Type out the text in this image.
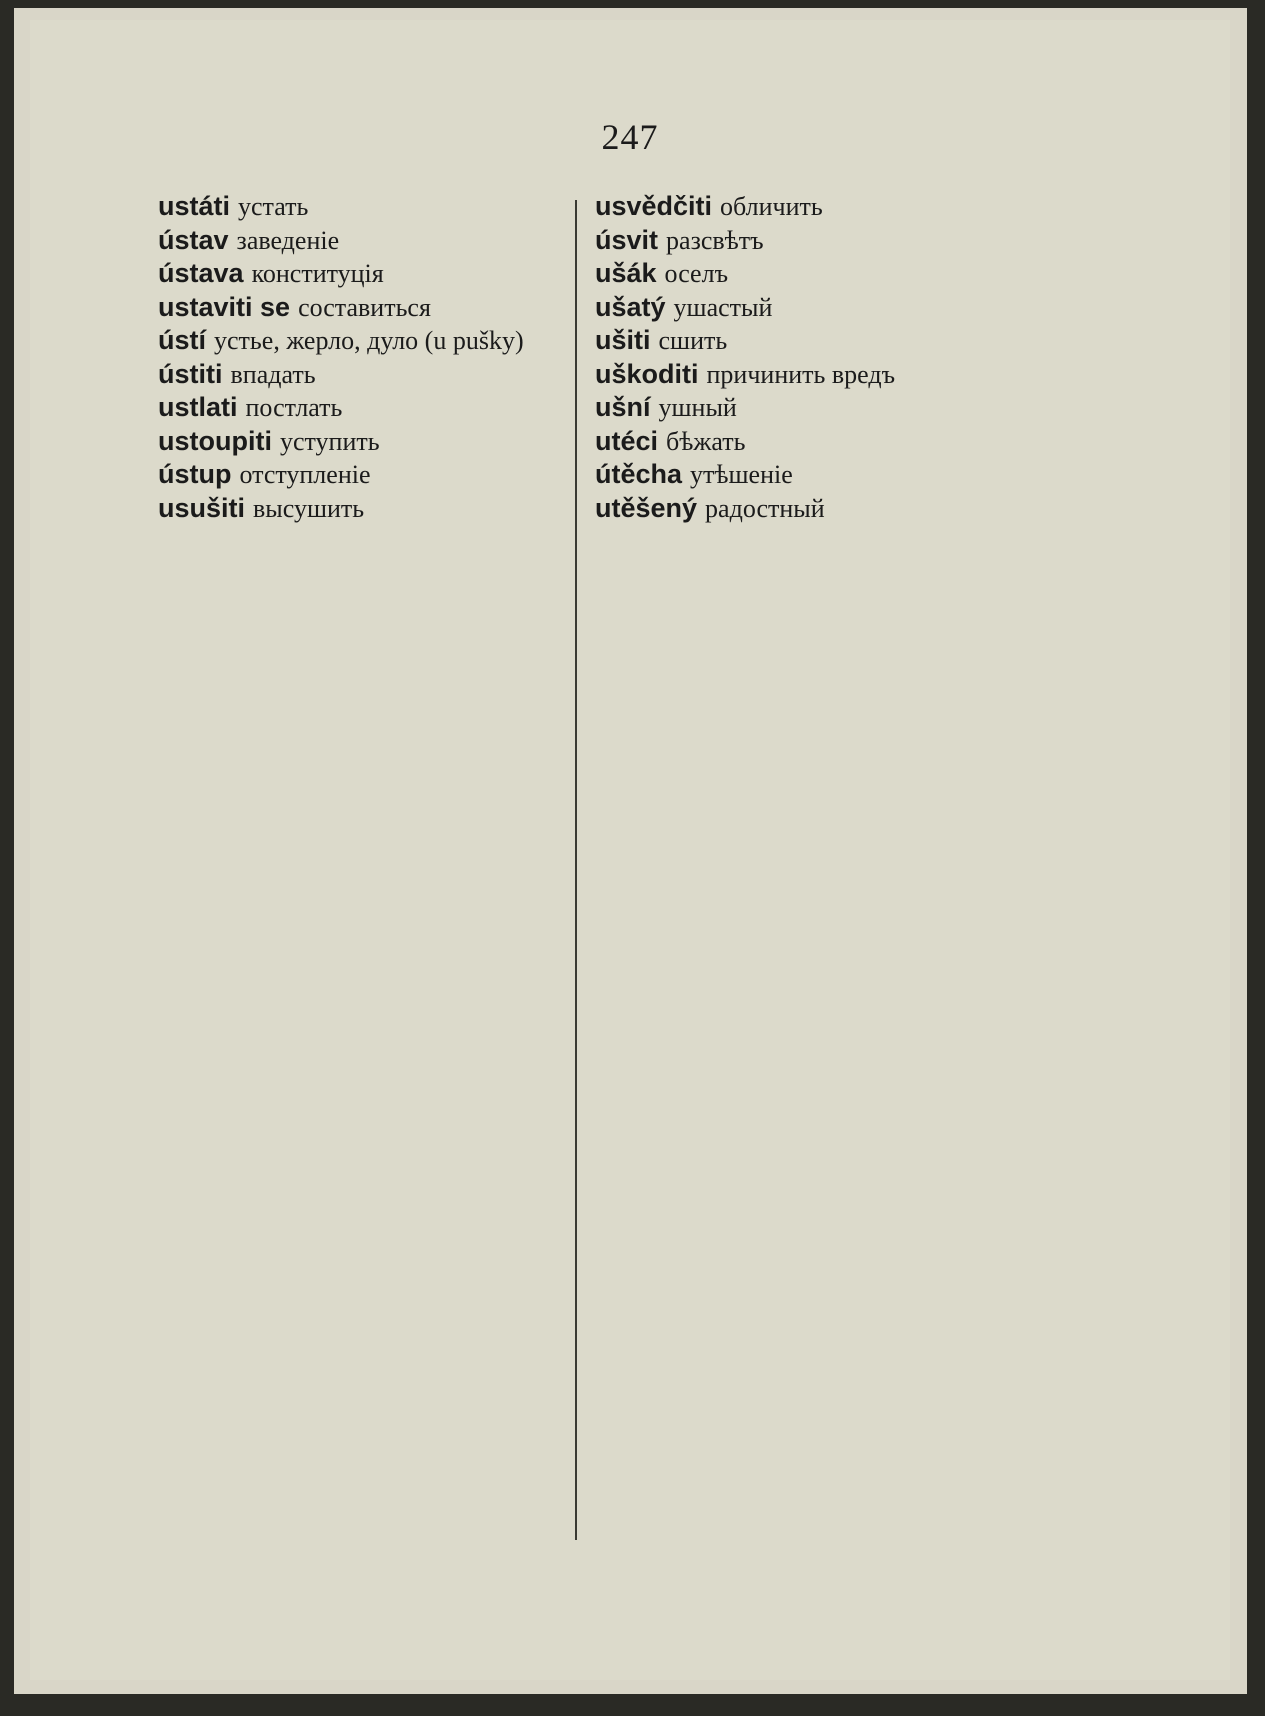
247

ustáti устать

ústav заведеніе

ústava конституція

ustaviti se составиться

ústí устье, жерло, дуло (u pušky)

ústitі впадать

ustlati постлать

ustoupiti уступить

ústup отступленіе

usušiti высушить

usvědčiti обличить

úsvit разсвѣтъ

ušák оселъ

ušatý ушастый

ušiti сшить

uškoditi причинить вредъ

ušní ушный

utéci бѣжать

útěcha утѣшеніе

utěšený радостный
